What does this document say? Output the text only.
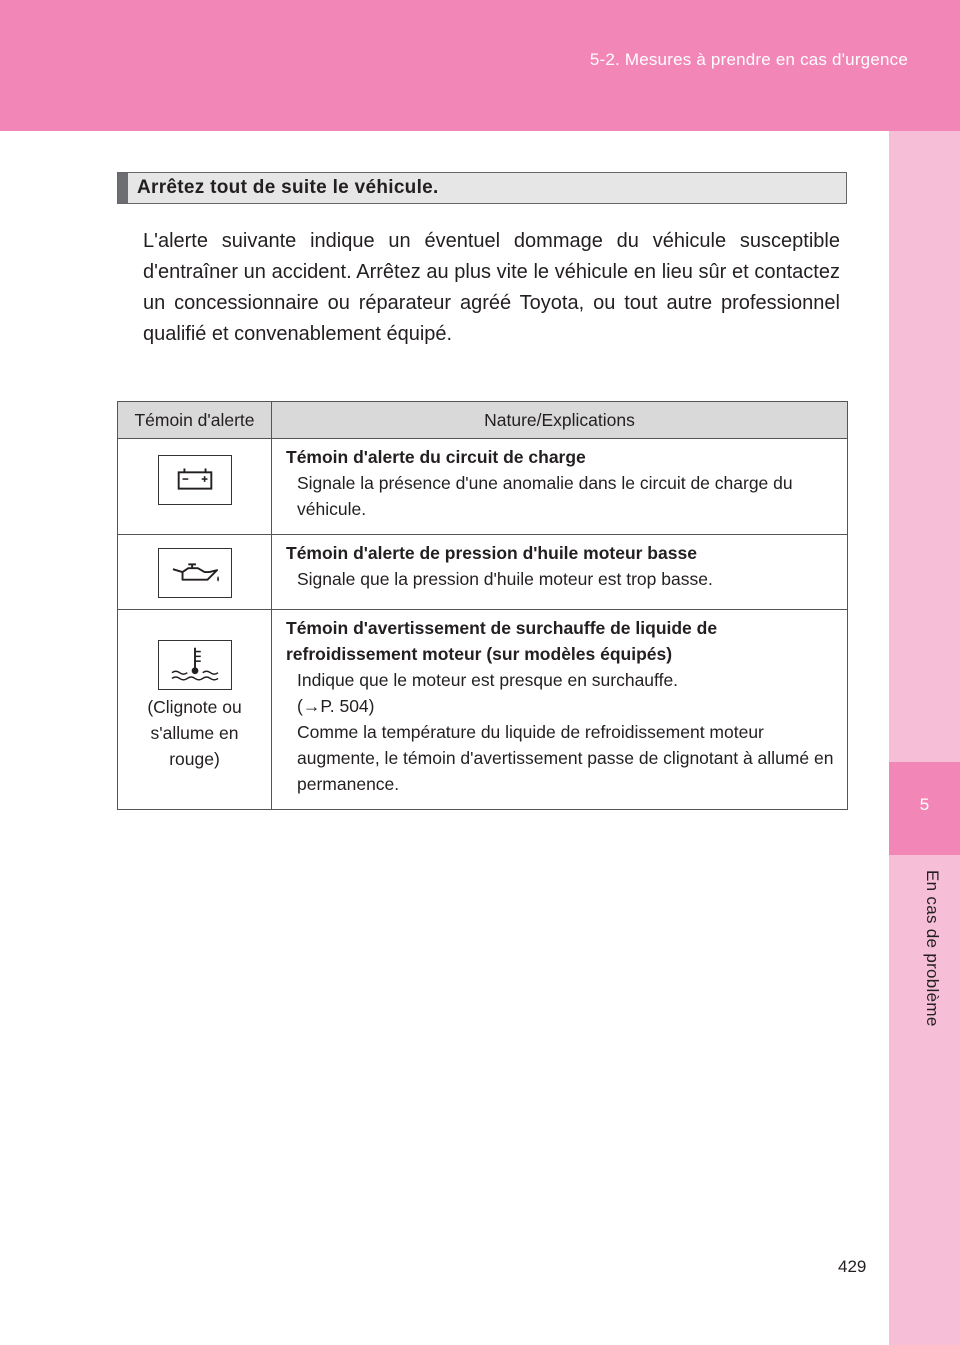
5-2. Mesures à prendre en cas d'urgence
5
En cas de problème
Arrêtez tout de suite le véhicule.

L'alerte suivante indique un éventuel dommage du véhicule susceptible d'entraîner un accident. Arrêtez au plus vite le véhicule en lieu sûr et contactez un concessionnaire ou réparateur agréé Toyota, ou tout autre professionnel qualifié et convenablement équipé.

Témoin d'alerte	Nature/Explications

Témoin d'alerte du circuit de charge
Signale la présence d'une anomalie dans le circuit de charge du véhicule.

Témoin d'alerte de pression d'huile moteur basse
Signale que la pression d'huile moteur est trop basse.

(Clignote ou s'allume en rouge)	Témoin d'avertissement de surchauffe de liquide de refroidissement moteur (sur modèles équipés)
Indique que le moteur est presque en surchauffe.
(→P. 504)
Comme la température du liquide de refroidissement moteur augmente, le témoin d'avertissement passe de clignotant à allumé en permanence.
429
